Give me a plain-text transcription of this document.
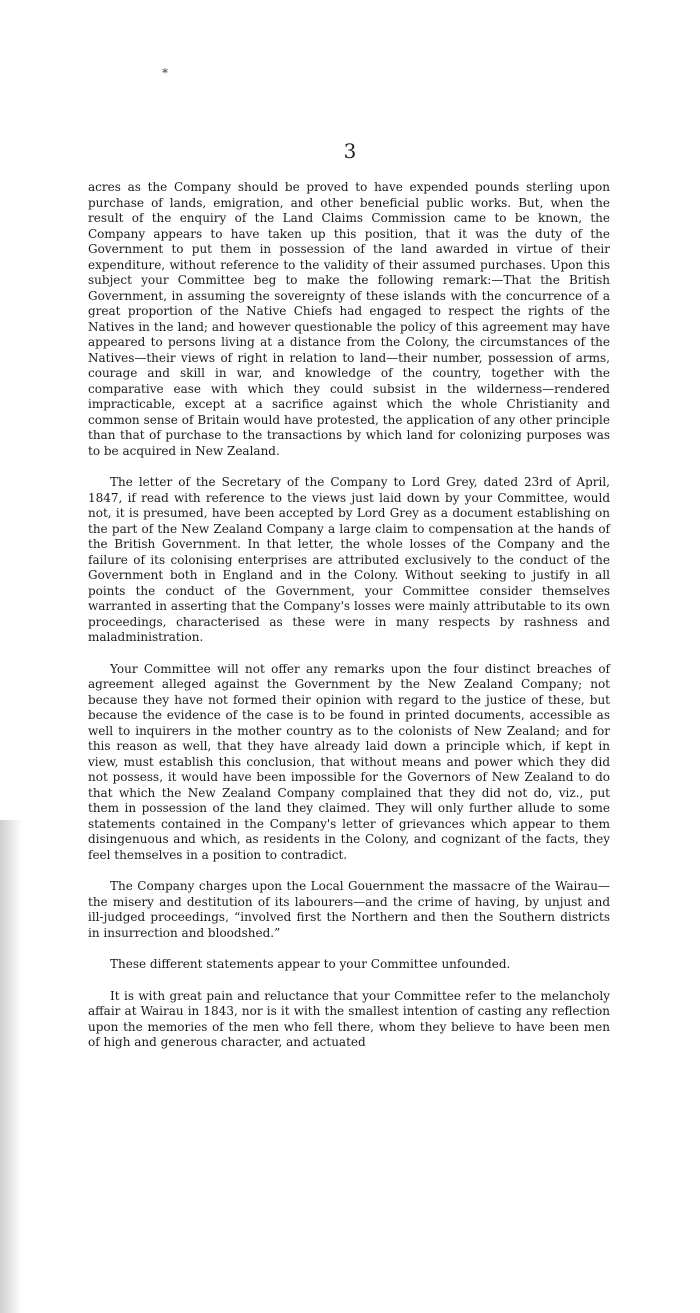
*
3

acres as the Company should be proved to have expended pounds sterling upon purchase of lands, emigration, and other beneficial public works. But, when the result of the enquiry of the Land Claims Commission came to be known, the Company appears to have taken up this position, that it was the duty of the Government to put them in possession of the land awarded in virtue of their expenditure, without reference to the validity of their assumed purchases. Upon this subject your Committee beg to make the following remark:—That the British Government, in assuming the sovereignty of these islands with the concurrence of a great proportion of the Native Chiefs had engaged to respect the rights of the Natives in the land; and however questionable the policy of this agreement may have appeared to persons living at a distance from the Colony, the circumstances of the Natives—their views of right in relation to land—their number, possession of arms, courage and skill in war, and knowledge of the country, together with the comparative ease with which they could subsist in the wilderness—rendered impracticable, except at a sacrifice against which the whole Christianity and common sense of Britain would have protested, the application of any other principle than that of purchase to the transactions by which land for colonizing purposes was to be acquired in New Zealand.

The letter of the Secretary of the Company to Lord Grey, dated 23rd of April, 1847, if read with reference to the views just laid down by your Committee, would not, it is presumed, have been accepted by Lord Grey as a document establishing on the part of the New Zealand Company a large claim to compensation at the hands of the British Government. In that letter, the whole losses of the Company and the failure of its colonising enterprises are attributed exclusively to the conduct of the Government both in England and in the Colony. Without seeking to justify in all points the conduct of the Government, your Committee consider themselves warranted in asserting that the Company's losses were mainly attributable to its own proceedings, characterised as these were in many respects by rashness and maladministration.

Your Committee will not offer any remarks upon the four distinct breaches of agreement alleged against the Government by the New Zealand Company; not because they have not formed their opinion with regard to the justice of these, but because the evidence of the case is to be found in printed documents, accessible as well to inquirers in the mother country as to the colonists of New Zealand; and for this reason as well, that they have already laid down a principle which, if kept in view, must establish this conclusion, that without means and power which they did not possess, it would have been impossible for the Governors of New Zealand to do that which the New Zealand Company complained that they did not do, viz., put them in possession of the land they claimed. They will only further allude to some statements contained in the Company's letter of grievances which appear to them disingenuous and which, as residents in the Colony, and cognizant of the facts, they feel themselves in a position to contradict.

The Company charges upon the Local Gouernment the massacre of the Wairau—the misery and destitution of its labourers—and the crime of having, by unjust and ill-judged proceedings, “involved first the Northern and then the Southern districts in insurrection and bloodshed.”

These different statements appear to your Committee unfounded.

It is with great pain and reluctance that your Committee refer to the melancholy affair at Wairau in 1843, nor is it with the smallest intention of casting any reflection upon the memories of the men who fell there, whom they believe to have been men of high and generous character, and actuated
